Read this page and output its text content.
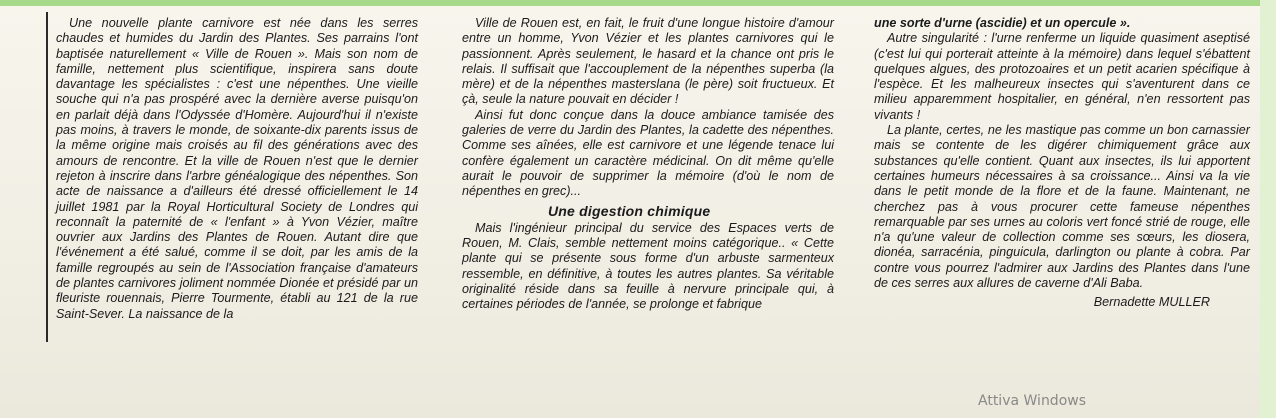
Une nouvelle plante carnivore est née dans les serres chaudes et humides du Jardin des Plantes. Ses parrains l'ont baptisée naturellement « Ville de Rouen ». Mais son nom de famille, nettement plus scientifique, inspirera sans doute davantage les spécialistes : c'est une népenthes. Une vieille souche qui n'a pas prospéré avec la dernière averse puisqu'on en parlait déjà dans l'Odyssée d'Homère. Aujourd'hui il n'existe pas moins, à travers le monde, de soixante-dix parents issus de la même origine mais croisés au fil des générations avec des amours de rencontre. Et la ville de Rouen n'est que le dernier rejeton à inscrire dans l'arbre généalogique des népenthes. Son acte de naissance a d'ailleurs été dressé officiellement le 14 juillet 1981 par la Royal Horticultural Society de Londres qui reconnaît la paternité de « l'enfant » à Yvon Vézier, maître ouvrier aux Jardins des Plantes de Rouen. Autant dire que l'événement a été salué, comme il se doit, par les amis de la famille regroupés au sein de l'Association française d'amateurs de plantes carnivores joliment nommée Dionée et présidé par un fleuriste rouennais, Pierre Tourmente, établi au 121 de la rue Saint-Sever. La naissance de la

Ville de Rouen est, en fait, le fruit d'une longue histoire d'amour entre un homme, Yvon Vézier et les plantes carnivores qui le passionnent. Après seulement, le hasard et la chance ont pris le relais. Il suffisait que l'accouplement de la népenthes superba (la mère) et de la népenthes masterslana (le père) soit fructueux. Et çà, seule la nature pouvait en décider !

Ainsi fut donc conçue dans la douce ambiance tamisée des galeries de verre du Jardin des Plantes, la cadette des népenthes. Comme ses aînées, elle est carnivore et une légende tenace lui confère également un caractère médicinal. On dit même qu'elle aurait le pouvoir de supprimer la mémoire (d'où le nom de népenthes en grec)...

Une digestion chimique

Mais l'ingénieur principal du service des Espaces verts de Rouen, M. Clais, semble nettement moins catégorique.. « Cette plante qui se présente sous forme d'un arbuste sarmenteux ressemble, en définitive, à toutes les autres plantes. Sa véritable originalité réside dans sa feuille à nervure principale qui, à certaines périodes de l'année, se prolonge et fabrique

une sorte d'urne (ascidie) et un opercule ».

Autre singularité : l'urne renferme un liquide quasiment aseptisé (c'est lui qui porterait atteinte à la mémoire) dans lequel s'ébattent quelques algues, des protozoaires et un petit acarien spécifique à l'espèce. Et les malheureux insectes qui s'aventurent dans ce milieu apparemment hospitalier, en général, n'en ressortent pas vivants !

La plante, certes, ne les mastique pas comme un bon carnassier mais se contente de les digérer chimiquement grâce aux substances qu'elle contient. Quant aux insectes, ils lui apportent certaines humeurs nécessaires à sa croissance... Ainsi va la vie dans le petit monde de la flore et de la faune. Maintenant, ne cherchez pas à vous procurer cette fameuse népenthes remarquable par ses urnes au coloris vert foncé strié de rouge, elle n'a qu'une valeur de collection comme ses sœurs, les diosera, dionéa, sarracénia, pinguicula, darlington ou plante à cobra. Par contre vous pourrez l'admirer aux Jardins des Plantes dans l'une de ces serres aux allures de caverne d'Ali Baba.

Bernadette MULLER

Attiva Windows
